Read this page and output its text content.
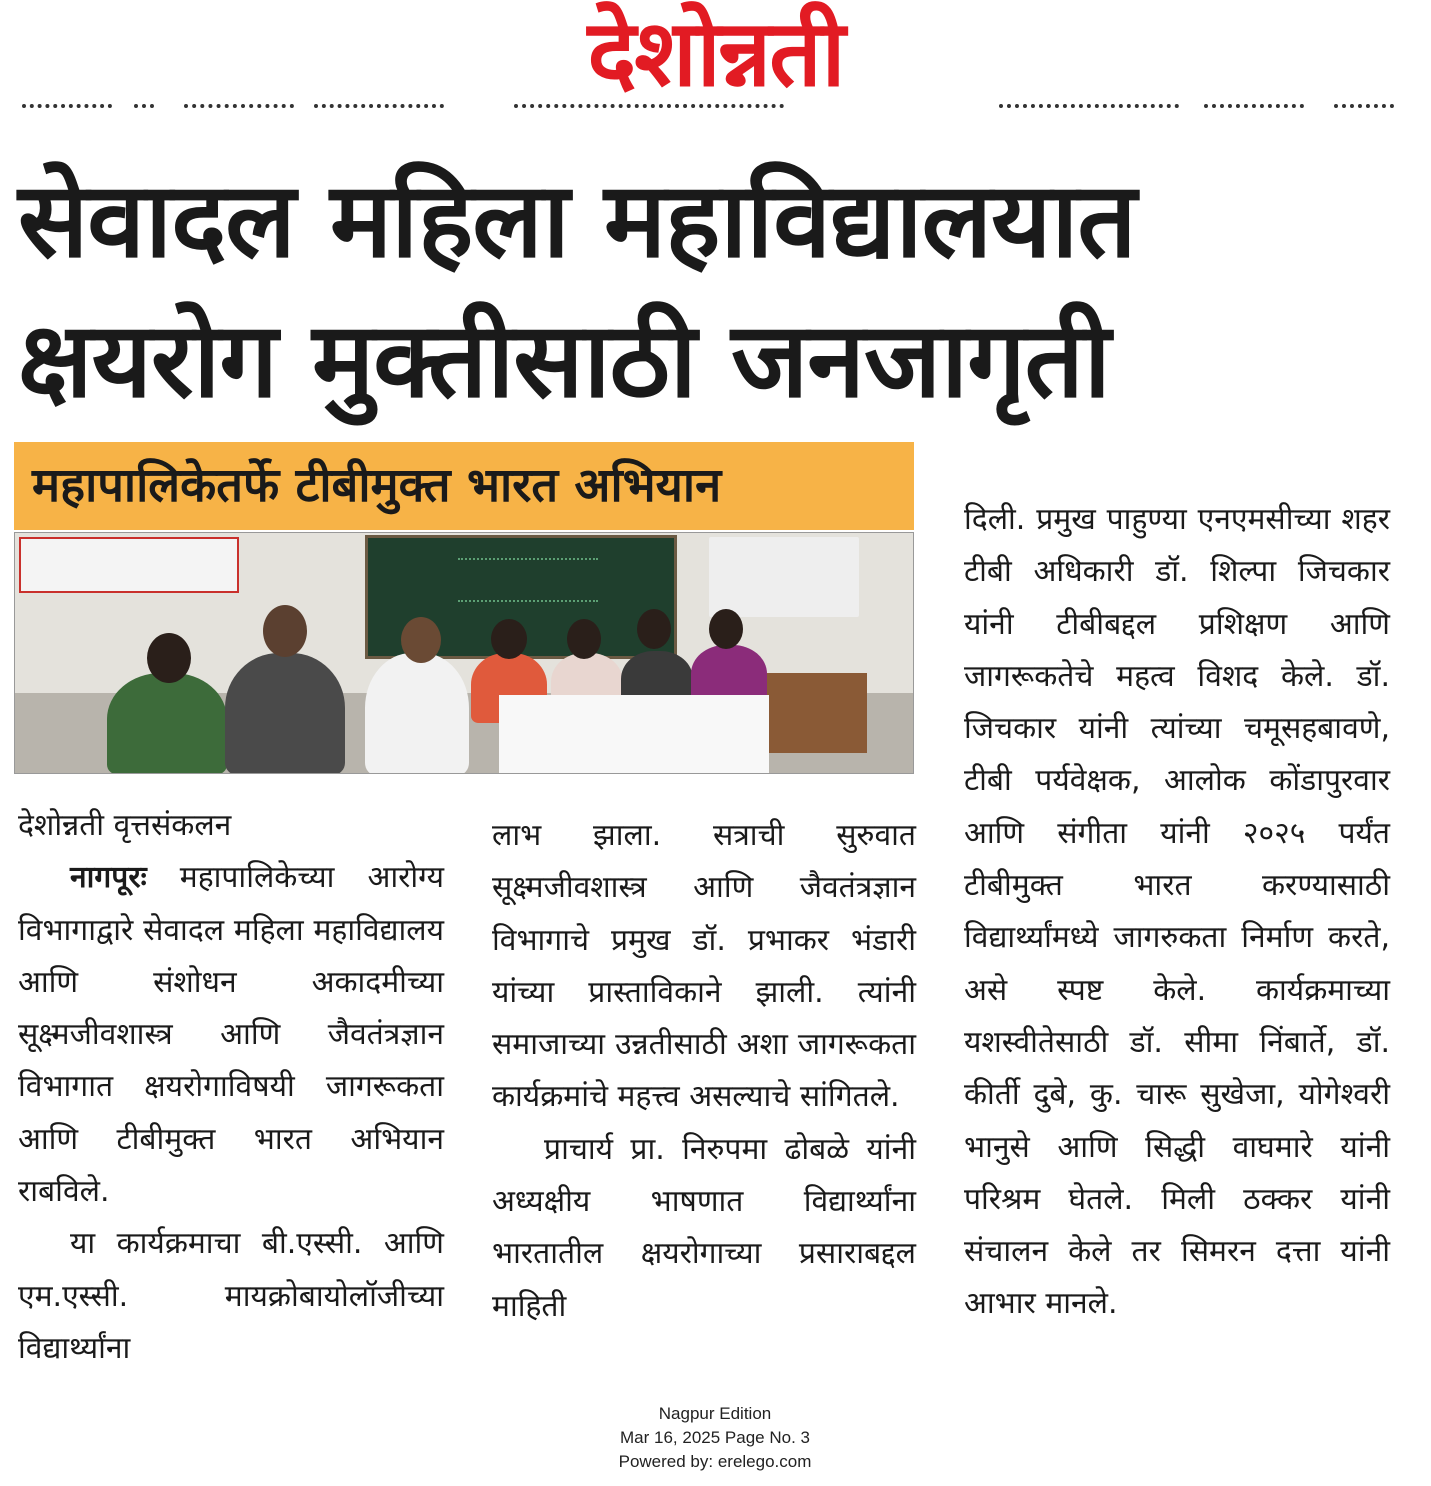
देशोन्नती
सेवादल महिला महाविद्यालयात
क्षयरोग मुक्तीसाठी जनजागृती
महापालिकेतर्फे टीबीमुक्त भारत अभियान

देशोन्नती वृत्तसंकलन

नागपूरः महापालिकेच्या आरोग्य विभागाद्वारे सेवादल महिला महाविद्यालय आणि संशोधन अकादमीच्या सूक्ष्मजीवशास्त्र आणि जैवतंत्रज्ञान विभागात क्षयरोगाविषयी जागरूकता आणि टीबीमुक्त भारत अभियान राबविले.

या कार्यक्रमाचा बी.एस्सी. आणि एम.एस्सी. मायक्रोबायोलॉजीच्या विद्यार्थ्यांना

लाभ झाला. सत्राची सुरुवात सूक्ष्मजीवशास्त्र आणि जैवतंत्रज्ञान विभागाचे प्रमुख डॉ. प्रभाकर भंडारी यांच्या प्रास्ताविकाने झाली. त्यांनी समाजाच्या उन्नतीसाठी अशा जागरूकता कार्यक्रमांचे महत्त्व असल्याचे सांगितले.

प्राचार्य प्रा. निरुपमा ढोबळे यांनी अध्यक्षीय भाषणात विद्यार्थ्यांना भारतातील क्षयरोगाच्या प्रसाराबद्दल माहिती

दिली. प्रमुख पाहुण्या एनएमसीच्या शहर टीबी अधिकारी डॉ. शिल्पा जिचकार यांनी टीबीबद्दल प्रशिक्षण आणि जागरूकतेचे महत्व विशद केले. डॉ. जिचकार यांनी त्यांच्या चमूसहबावणे, टीबी पर्यवेक्षक, आलोक कोंडापुरवार आणि संगीता यांनी २०२५ पर्यंत टीबीमुक्त भारत करण्यासाठी विद्यार्थ्यांमध्ये जागरुकता निर्माण करते, असे स्पष्ट केले. कार्यक्रमाच्या यशस्वीतेसाठी डॉ. सीमा निंबार्ते, डॉ. कीर्ती दुबे, कु. चारू सुखेजा, योगेश्वरी भानुसे आणि सिद्धी वाघमारे यांनी परिश्रम घेतले. मिली ठक्कर यांनी संचालन केले तर सिमरन दत्ता यांनी आभार मानले.

Nagpur Edition
Mar 16, 2025 Page No. 3
Powered by: erelego.com
